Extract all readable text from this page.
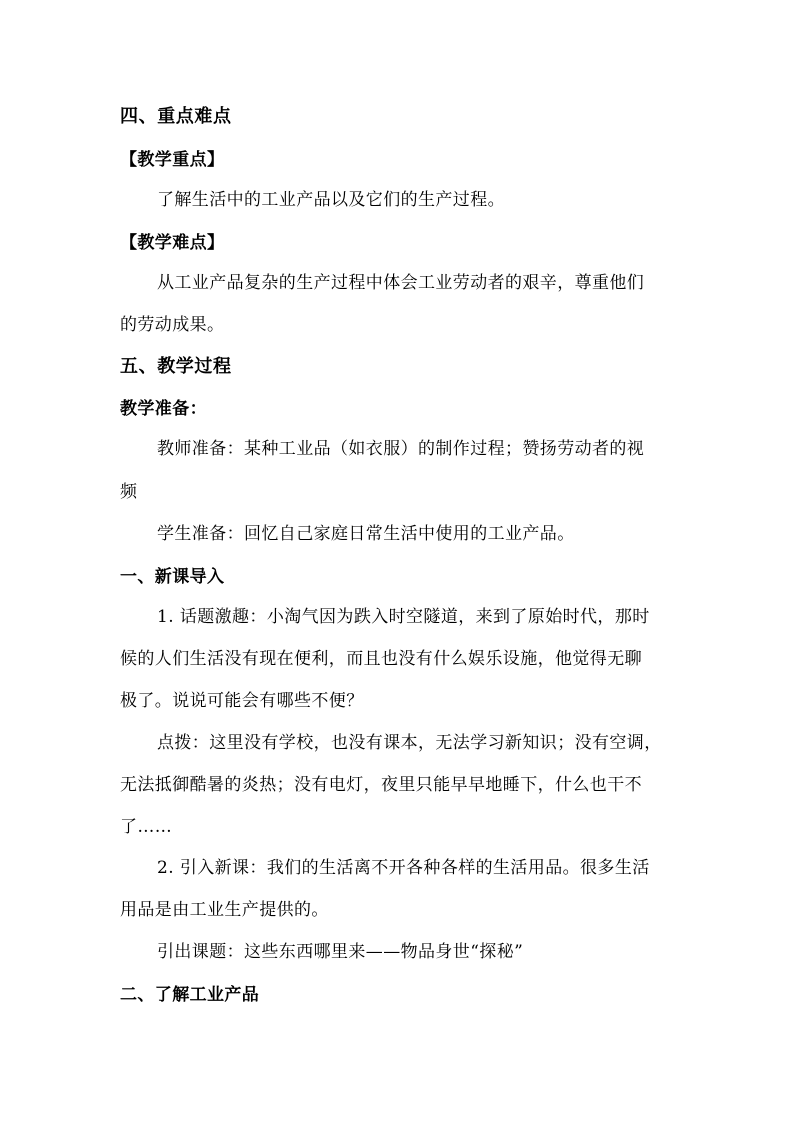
四、重点难点
【教学重点】
了解生活中的工业产品以及它们的生产过程。
【教学难点】
从工业产品复杂的生产过程中体会工业劳动者的艰辛，尊重他们
的劳动成果。
五、教学过程
教学准备：
教师准备：某种工业品（如衣服）的制作过程；赞扬劳动者的视
频
学生准备：回忆自己家庭日常生活中使用的工业产品。
一、新课导入
1. 话题激趣：小淘气因为跌入时空隧道，来到了原始时代，那时
候的人们生活没有现在便利，而且也没有什么娱乐设施，他觉得无聊
极了。说说可能会有哪些不便？
点拨：这里没有学校，也没有课本，无法学习新知识；没有空调，
无法抵御酷暑的炎热；没有电灯，夜里只能早早地睡下，什么也干不
了……
2. 引入新课：我们的生活离不开各种各样的生活用品。很多生活
用品是由工业生产提供的。
引出课题：这些东西哪里来——物品身世“探秘”
二、了解工业产品
